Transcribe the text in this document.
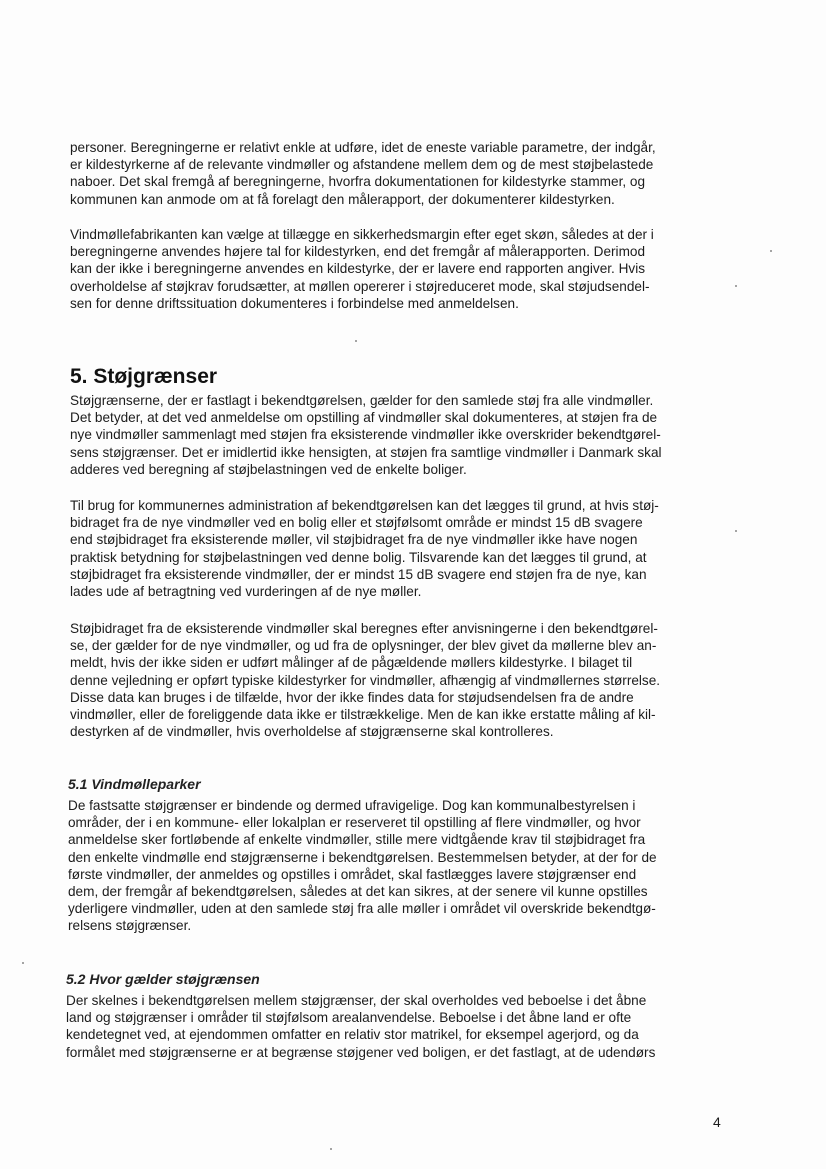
personer. Beregningerne er relativt enkle at udføre, idet de eneste variable parametre, der indgår,
er kildestyrkerne af de relevante vindmøller og afstandene mellem dem og de mest støjbelastede
naboer. Det skal fremgå af beregningerne, hvorfra dokumentationen for kildestyrke stammer, og
kommunen kan anmode om at få forelagt den målerapport, der dokumenterer kildestyrken.
Vindmøllefabrikanten kan vælge at tillægge en sikkerhedsmargin efter eget skøn, således at der i
beregningerne anvendes højere tal for kildestyrken, end det fremgår af målerapporten. Derimod
kan der ikke i beregningerne anvendes en kildestyrke, der er lavere end rapporten angiver. Hvis
overholdelse af støjkrav forudsætter, at møllen opererer i støjreduceret mode, skal støjudsendel-
sen for denne driftssituation dokumenteres i forbindelse med anmeldelsen.
5. Støjgrænser
Støjgrænserne, der er fastlagt i bekendtgørelsen, gælder for den samlede støj fra alle vindmøller.
Det betyder, at det ved anmeldelse om opstilling af vindmøller skal dokumenteres, at støjen fra de
nye vindmøller sammenlagt med støjen fra eksisterende vindmøller ikke overskrider bekendtgørel-
sens støjgrænser. Det er imidlertid ikke hensigten, at støjen fra samtlige vindmøller i Danmark skal
adderes ved beregning af støjbelastningen ved de enkelte boliger.
Til brug for kommunernes administration af bekendtgørelsen kan det lægges til grund, at hvis støj-
bidraget fra de nye vindmøller ved en bolig eller et støjfølsomt område er mindst 15 dB svagere
end støjbidraget fra eksisterende møller, vil støjbidraget fra de nye vindmøller ikke have nogen
praktisk betydning for støjbelastningen ved denne bolig. Tilsvarende kan det lægges til grund, at
støjbidraget fra eksisterende vindmøller, der er mindst 15 dB svagere end støjen fra de nye, kan
lades ude af betragtning ved vurderingen af de nye møller.
Støjbidraget fra de eksisterende vindmøller skal beregnes efter anvisningerne i den bekendtgørel-
se, der gælder for de nye vindmøller, og ud fra de oplysninger, der blev givet da møllerne blev an-
meldt, hvis der ikke siden er udført målinger af de pågældende møllers kildestyrke. I bilaget til
denne vejledning er opført typiske kildestyrker for vindmøller, afhængig af vindmøllernes størrelse.
Disse data kan bruges i de tilfælde, hvor der ikke findes data for støjudsendelsen fra de andre
vindmøller, eller de foreliggende data ikke er tilstrækkelige. Men de kan ikke erstatte måling af kil-
destyrken af de vindmøller, hvis overholdelse af støjgrænserne skal kontrolleres.
5.1 Vindmølleparker
De fastsatte støjgrænser er bindende og dermed ufravigelige. Dog kan kommunalbestyrelsen i
områder, der i en kommune- eller lokalplan er reserveret til opstilling af flere vindmøller, og hvor
anmeldelse sker fortløbende af enkelte vindmøller, stille mere vidtgående krav til støjbidraget fra
den enkelte vindmølle end støjgrænserne i bekendtgørelsen. Bestemmelsen betyder, at der for de
første vindmøller, der anmeldes og opstilles i området, skal fastlægges lavere støjgrænser end
dem, der fremgår af bekendtgørelsen, således at det kan sikres, at der senere vil kunne opstilles
yderligere vindmøller, uden at den samlede støj fra alle møller i området vil overskride bekendtgø-
relsens støjgrænser.
5.2 Hvor gælder støjgrænsen
Der skelnes i bekendtgørelsen mellem støjgrænser, der skal overholdes ved beboelse i det åbne
land og støjgrænser i områder til støjfølsom arealanvendelse. Beboelse i det åbne land er ofte
kendetegnet ved, at ejendommen omfatter en relativ stor matrikel, for eksempel agerjord, og da
formålet med støjgrænserne er at begrænse støjgener ved boligen, er det fastlagt, at de udendørs
4
